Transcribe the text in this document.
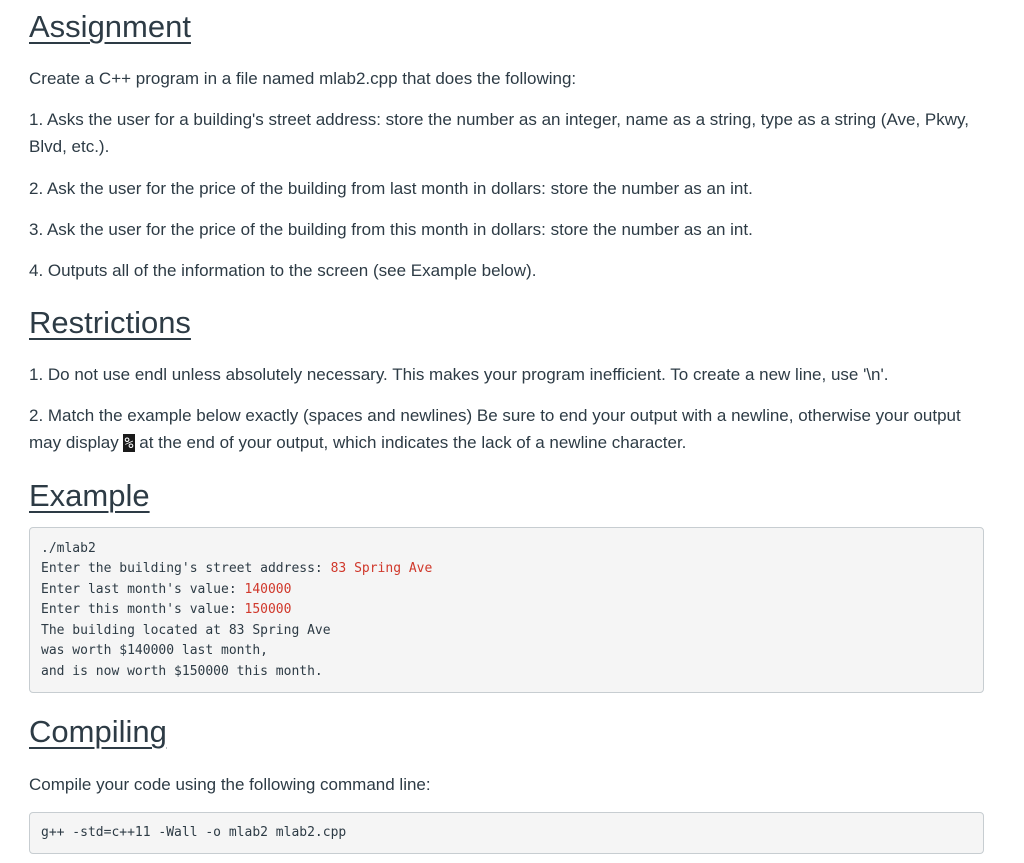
Assignment

Create a C++ program in a file named mlab2.cpp that does the following:

1. Asks the user for a building's street address: store the number as an integer, name as a string, type as a string (Ave, Pkwy, Blvd, etc.).

2. Ask the user for the price of the building from last month in dollars: store the number as an int.

3. Ask the user for the price of the building from this month in dollars: store the number as an int.

4. Outputs all of the information to the screen (see Example below).

Restrictions

1. Do not use endl unless absolutely necessary. This makes your program inefficient. To create a new line, use '\n'.

2. Match the example below exactly (spaces and newlines) Be sure to end your output with a newline, otherwise your output may display % at the end of your output, which indicates the lack of a newline character.

Example
./mlab2
Enter the building's street address: 83 Spring Ave
Enter last month's value: 140000
Enter this month's value: 150000
The building located at 83 Spring Ave
was worth $140000 last month,
and is now worth $150000 this month.
Compiling

Compile your code using the following command line:

g++ -std=c++11 -Wall -o mlab2 mlab2.cpp
